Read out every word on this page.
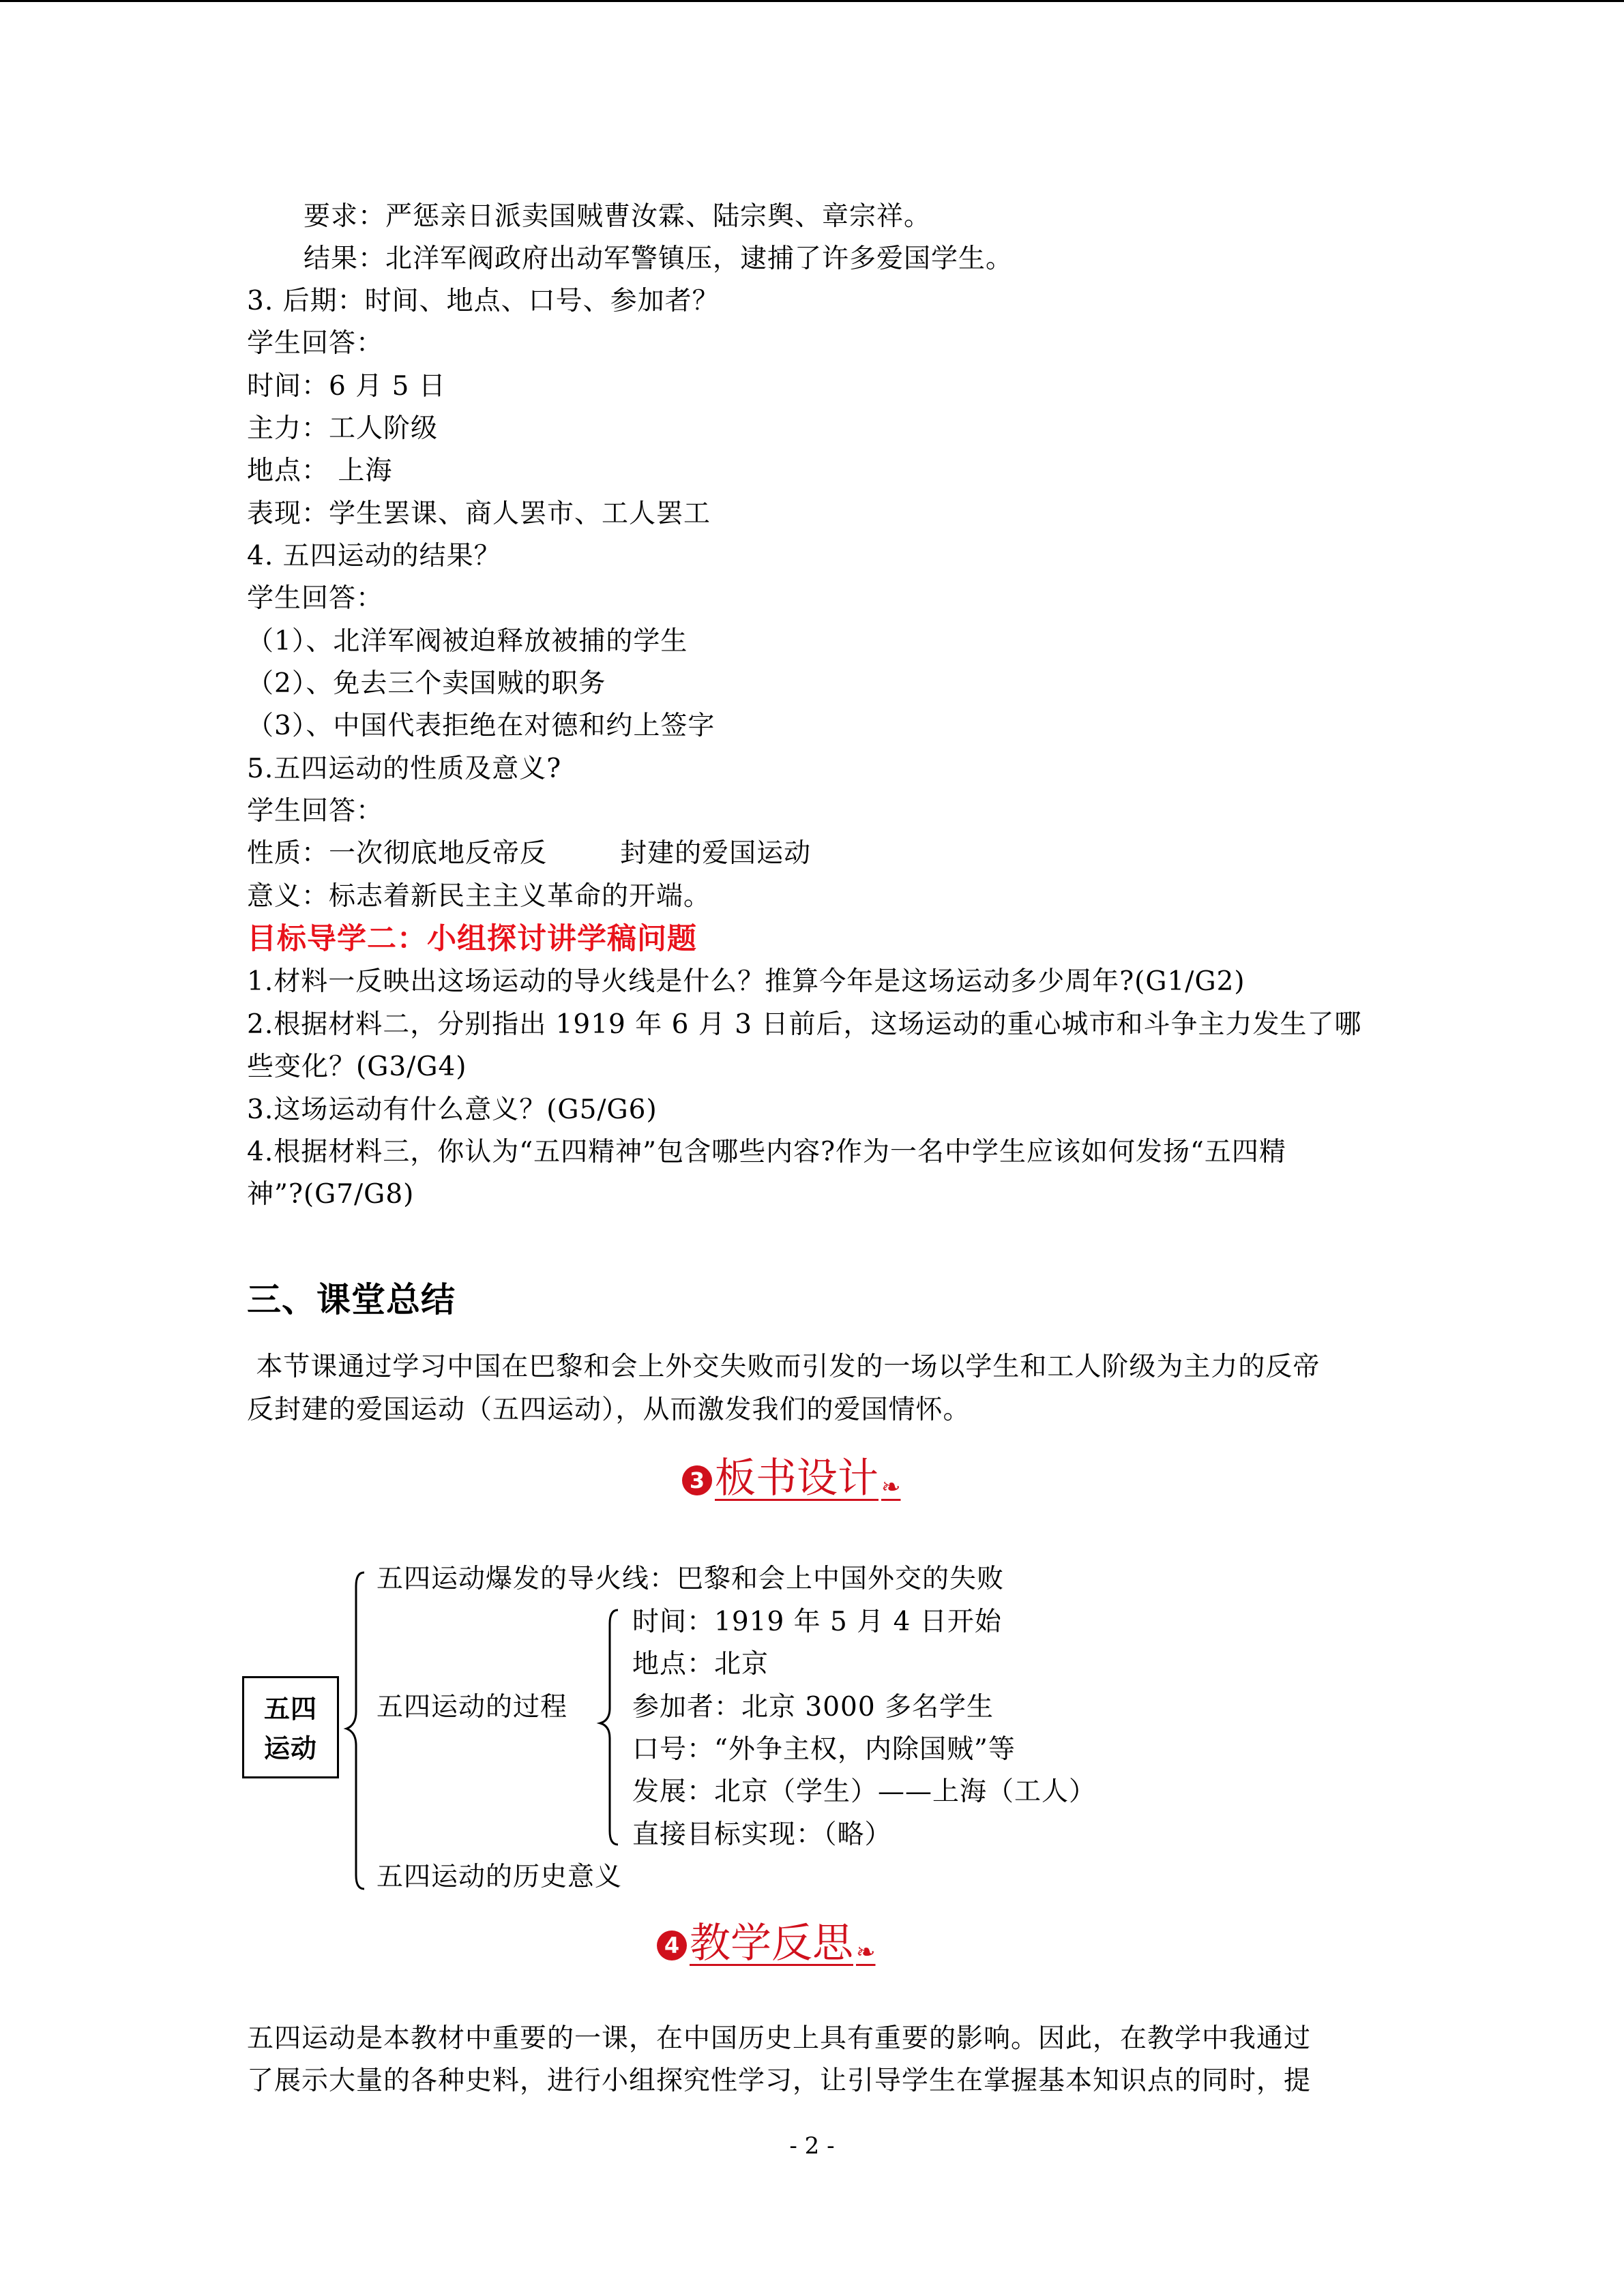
要求：严惩亲日派卖国贼曹汝霖、陆宗舆、章宗祥。
结果：北洋军阀政府出动军警镇压，逮捕了许多爱国学生。
3. 后期：时间、地点、口号、参加者？
学生回答：
时间：6 月 5 日
主力：工人阶级
地点： 上海
表现：学生罢课、商人罢市、工人罢工
4. 五四运动的结果？
学生回答：
（1）、北洋军阀被迫释放被捕的学生
（2）、免去三个卖国贼的职务
（3）、中国代表拒绝在对德和约上签字
5.五四运动的性质及意义?
学生回答：
性质：一次彻底地反帝反        封建的爱国运动
意义：标志着新民主主义革命的开端。
目标导学二：小组探讨讲学稿问题
1.材料一反映出这场运动的导火线是什么？推算今年是这场运动多少周年?(G1/G2)
2.根据材料二，分别指出 1919 年 6 月 3 日前后，这场运动的重心城市和斗争主力发生了哪
些变化？(G3/G4)
3.这场运动有什么意义？(G5/G6)
4.根据材料三，你认为“五四精神”包含哪些内容?作为一名中学生应该如何发扬“五四精
神”?(G7/G8)
三、课堂总结
本节课通过学习中国在巴黎和会上外交失败而引发的一场以学生和工人阶级为主力的反帝
反封建的爱国运动（五四运动），从而激发我们的爱国情怀。
3 板书设计 ❧
五四
运动
五四运动爆发的导火线：巴黎和会上中国外交的失败
五四运动的过程
五四运动的历史意义
时间：1919 年 5 月 4 日开始
地点：北京
参加者：北京 3000 多名学生
口号：“外争主权，内除国贼”等
发展：北京（学生）——上海（工人）
直接目标实现：（略）
4 教学反思 ❧
五四运动是本教材中重要的一课，在中国历史上具有重要的影响。因此，在教学中我通过
了展示大量的各种史料，进行小组探究性学习，让引导学生在掌握基本知识点的同时，提
- 2 -
